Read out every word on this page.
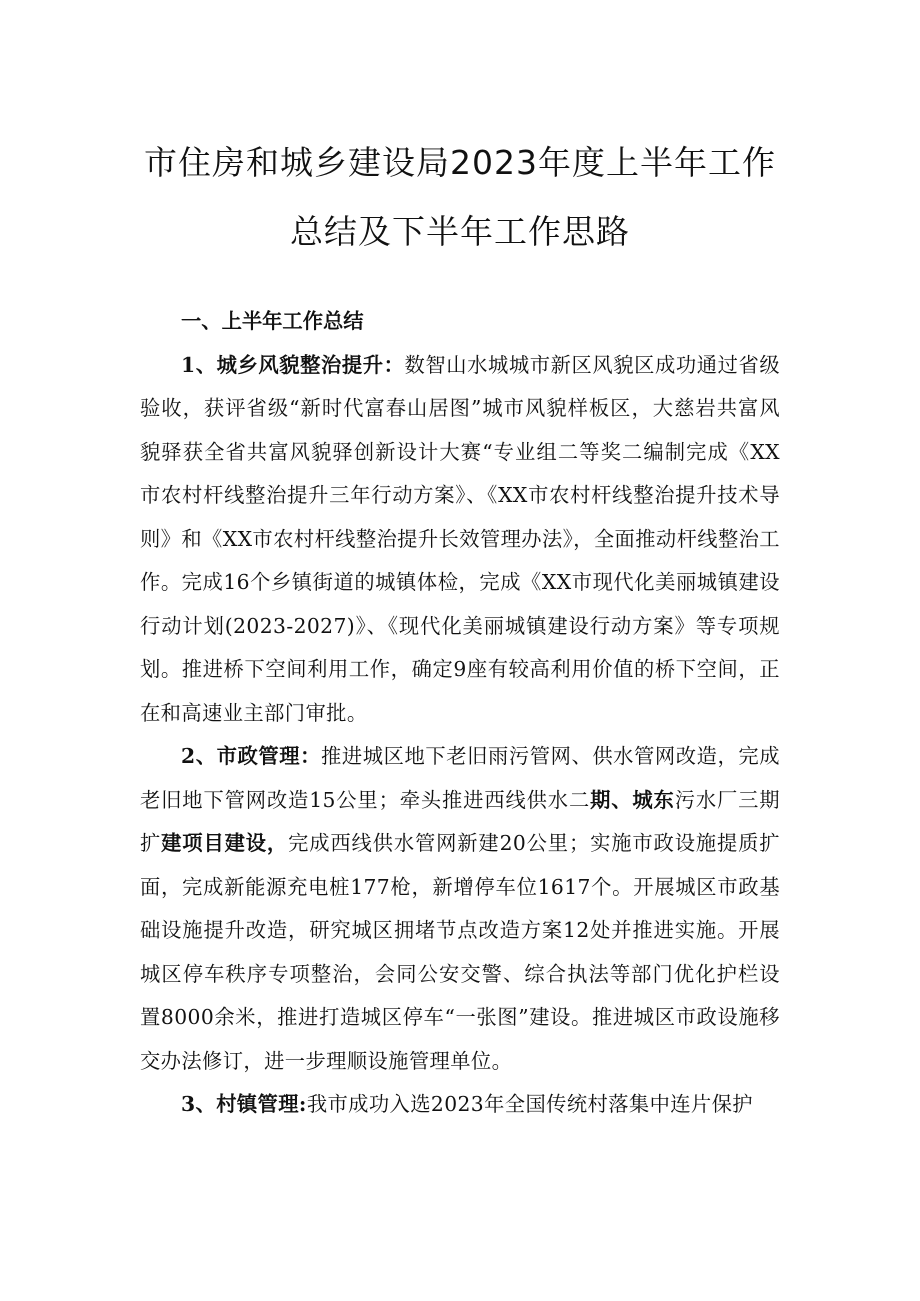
市住房和城乡建设局2023年度上半年工作
总结及下半年工作思路

一、上半年工作总结

1、城乡风貌整治提升：数智山水城城市新区风貌区成功通过省级验收，获评省级“新时代富春山居图”城市风貌样板区，大慈岩共富风貌驿获全省共富风貌驿创新设计大赛“专业组二等奖二编制完成《XX市农村杆线整治提升三年行动方案》、《XX市农村杆线整治提升技术导则》和《XX市农村杆线整治提升长效管理办法》，全面推动杆线整治工作。完成16个乡镇街道的城镇体检，完成《XX市现代化美丽城镇建设行动计划(2023-2027)》、《现代化美丽城镇建设行动方案》等专项规划。推进桥下空间利用工作，确定9座有较高利用价值的桥下空间，正在和高速业主部门审批。

2、市政管理：推进城区地下老旧雨污管网、供水管网改造，完成老旧地下管网改造15公里；牵头推进西线供水二期、城东污水厂三期扩建项目建设，完成西线供水管网新建20公里；实施市政设施提质扩面，完成新能源充电桩177枪，新增停车位1617个。开展城区市政基础设施提升改造，研究城区拥堵节点改造方案12处并推进实施。开展城区停车秩序专项整治，会同公安交警、综合执法等部门优化护栏设置8000余米，推进打造城区停车“一张图”建设。推进城区市政设施移交办法修订，进一步理顺设施管理单位。

3、村镇管理:我市成功入选2023年全国传统村落集中连片保护
